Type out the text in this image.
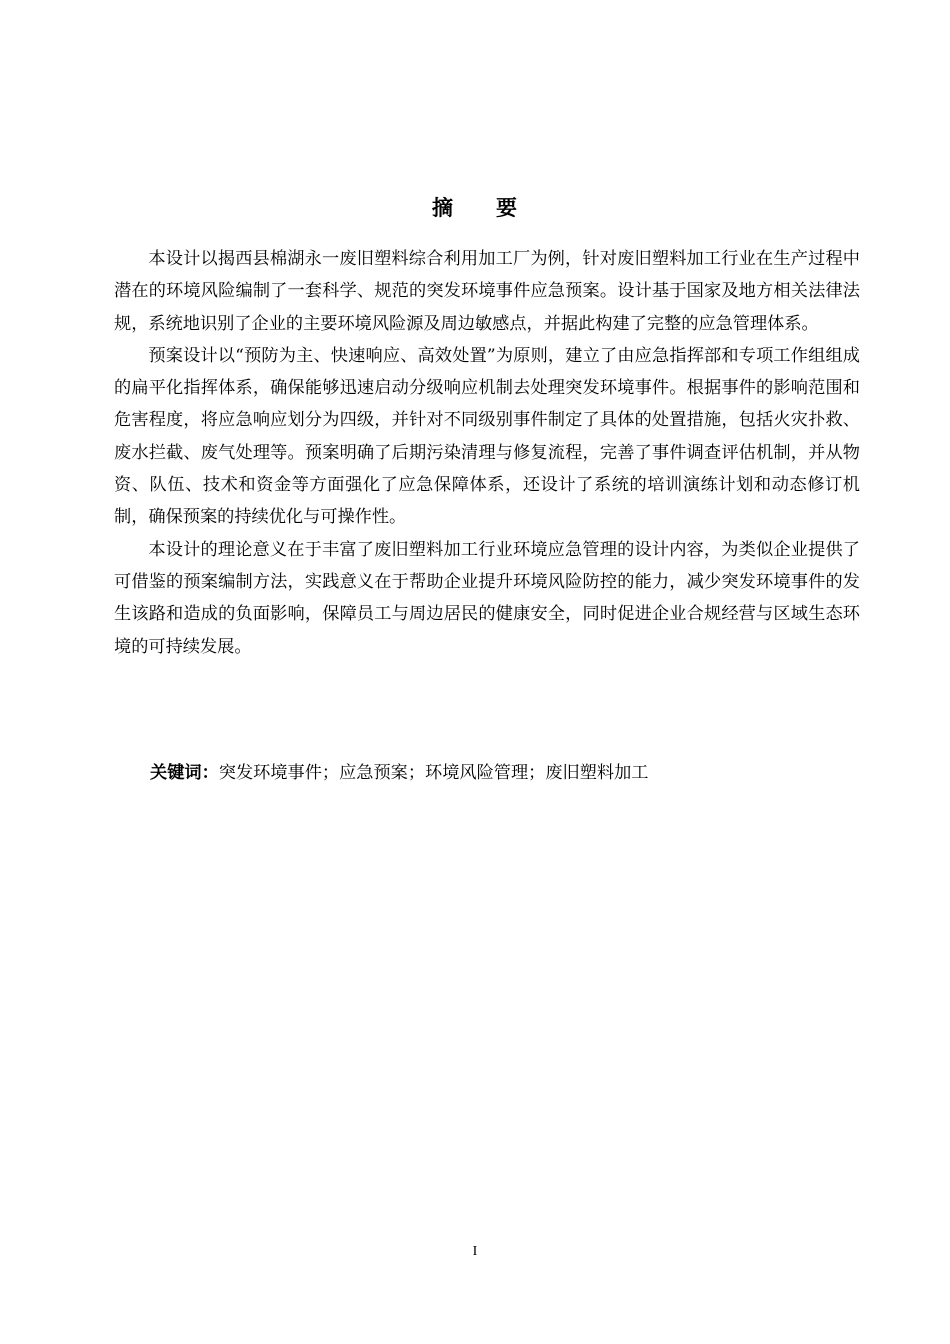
摘 要

本设计以揭西县棉湖永一废旧塑料综合利用加工厂为例，针对废旧塑料加工行业在生产过程中潜在的环境风险编制了一套科学、规范的突发环境事件应急预案。设计基于国家及地方相关法律法规，系统地识别了企业的主要环境风险源及周边敏感点，并据此构建了完整的应急管理体系。

预案设计以“预防为主、快速响应、高效处置”为原则，建立了由应急指挥部和专项工作组组成的扁平化指挥体系，确保能够迅速启动分级响应机制去处理突发环境事件。根据事件的影响范围和危害程度，将应急响应划分为四级，并针对不同级别事件制定了具体的处置措施，包括火灾扑救、废水拦截、废气处理等。预案明确了后期污染清理与修复流程，完善了事件调查评估机制，并从物资、队伍、技术和资金等方面强化了应急保障体系，还设计了系统的培训演练计划和动态修订机制，确保预案的持续优化与可操作性。

本设计的理论意义在于丰富了废旧塑料加工行业环境应急管理的设计内容，为类似企业提供了可借鉴的预案编制方法，实践意义在于帮助企业提升环境风险防控的能力，减少突发环境事件的发生该路和造成的负面影响，保障员工与周边居民的健康安全，同时促进企业合规经营与区域生态环境的可持续发展。

关键词：突发环境事件；应急预案；环境风险管理；废旧塑料加工
I
